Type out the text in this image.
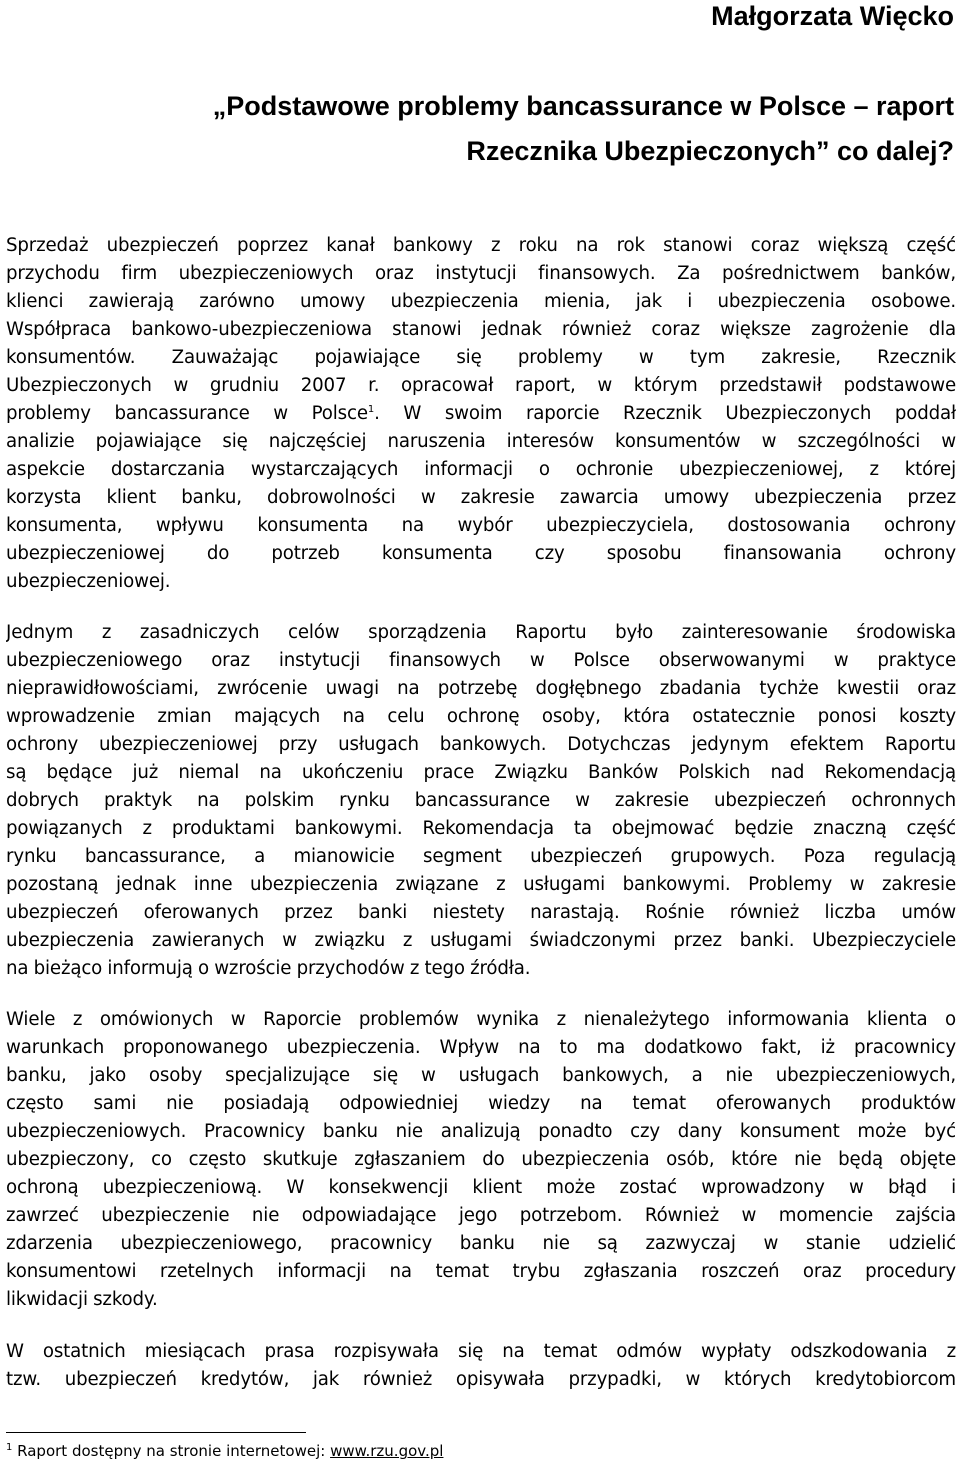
Małgorzata Więcko
„Podstawowe problemy bancassurance w Polsce – raport
Rzecznika Ubezpieczonych” co dalej?
Sprzedaż ubezpieczeń poprzez kanał bankowy z roku na rok stanowi coraz większą część
przychodu firm ubezpieczeniowych oraz instytucji finansowych. Za pośrednictwem banków,
klienci zawierają zarówno umowy ubezpieczenia mienia, jak i ubezpieczenia osobowe.
Współpraca bankowo-ubezpieczeniowa stanowi jednak również coraz większe zagrożenie dla
konsumentów. Zauważając pojawiające się problemy w tym zakresie, Rzecznik
Ubezpieczonych w grudniu 2007 r. opracował raport, w którym przedstawił podstawowe
problemy bancassurance w Polsce$^1$. W swoim raporcie Rzecznik Ubezpieczonych poddał
analizie pojawiające się najczęściej naruszenia interesów konsumentów w szczególności w
aspekcie dostarczania wystarczających informacji o ochronie ubezpieczeniowej, z której
korzysta klient banku, dobrowolności w zakresie zawarcia umowy ubezpieczenia przez
konsumenta, wpływu konsumenta na wybór ubezpieczyciela, dostosowania ochrony
ubezpieczeniowej do potrzeb konsumenta czy sposobu finansowania ochrony
ubezpieczeniowej.
Jednym z zasadniczych celów sporządzenia Raportu było zainteresowanie środowiska
ubezpieczeniowego oraz instytucji finansowych w Polsce obserwowanymi w praktyce
nieprawidłowościami, zwrócenie uwagi na potrzebę dogłębnego zbadania tychże kwestii oraz
wprowadzenie zmian mających na celu ochronę osoby, która ostatecznie ponosi koszty
ochrony ubezpieczeniowej przy usługach bankowych. Dotychczas jedynym efektem Raportu
są będące już niemal na ukończeniu prace Związku Banków Polskich nad Rekomendacją
dobrych praktyk na polskim rynku bancassurance w zakresie ubezpieczeń ochronnych
powiązanych z produktami bankowymi. Rekomendacja ta obejmować będzie znaczną część
rynku bancassurance, a mianowicie segment ubezpieczeń grupowych. Poza regulacją
pozostaną jednak inne ubezpieczenia związane z usługami bankowymi. Problemy w zakresie
ubezpieczeń oferowanych przez banki niestety narastają. Rośnie również liczba umów
ubezpieczenia zawieranych w związku z usługami świadczonymi przez banki. Ubezpieczyciele
na bieżąco informują o wzroście przychodów z tego źródła.
Wiele z omówionych w Raporcie problemów wynika z nienależytego informowania klienta o
warunkach proponowanego ubezpieczenia. Wpływ na to ma dodatkowo fakt, iż pracownicy
banku, jako osoby specjalizujące się w usługach bankowych, a nie ubezpieczeniowych,
często sami nie posiadają odpowiedniej wiedzy na temat oferowanych produktów
ubezpieczeniowych. Pracownicy banku nie analizują ponadto czy dany konsument może być
ubezpieczony, co często skutkuje zgłaszaniem do ubezpieczenia osób, które nie będą objęte
ochroną ubezpieczeniową. W konsekwencji klient może zostać wprowadzony w błąd i
zawrzeć ubezpieczenie nie odpowiadające jego potrzebom. Również w momencie zajścia
zdarzenia ubezpieczeniowego, pracownicy banku nie są zazwyczaj w stanie udzielić
konsumentowi rzetelnych informacji na temat trybu zgłaszania roszczeń oraz procedury
likwidacji szkody.
W ostatnich miesiącach prasa rozpisywała się na temat odmów wypłaty odszkodowania z
tzw. ubezpieczeń kredytów, jak również opisywała przypadki, w których kredytobiorcom
$^1$ Raport dostępny na stronie internetowej: www.rzu.gov.pl
